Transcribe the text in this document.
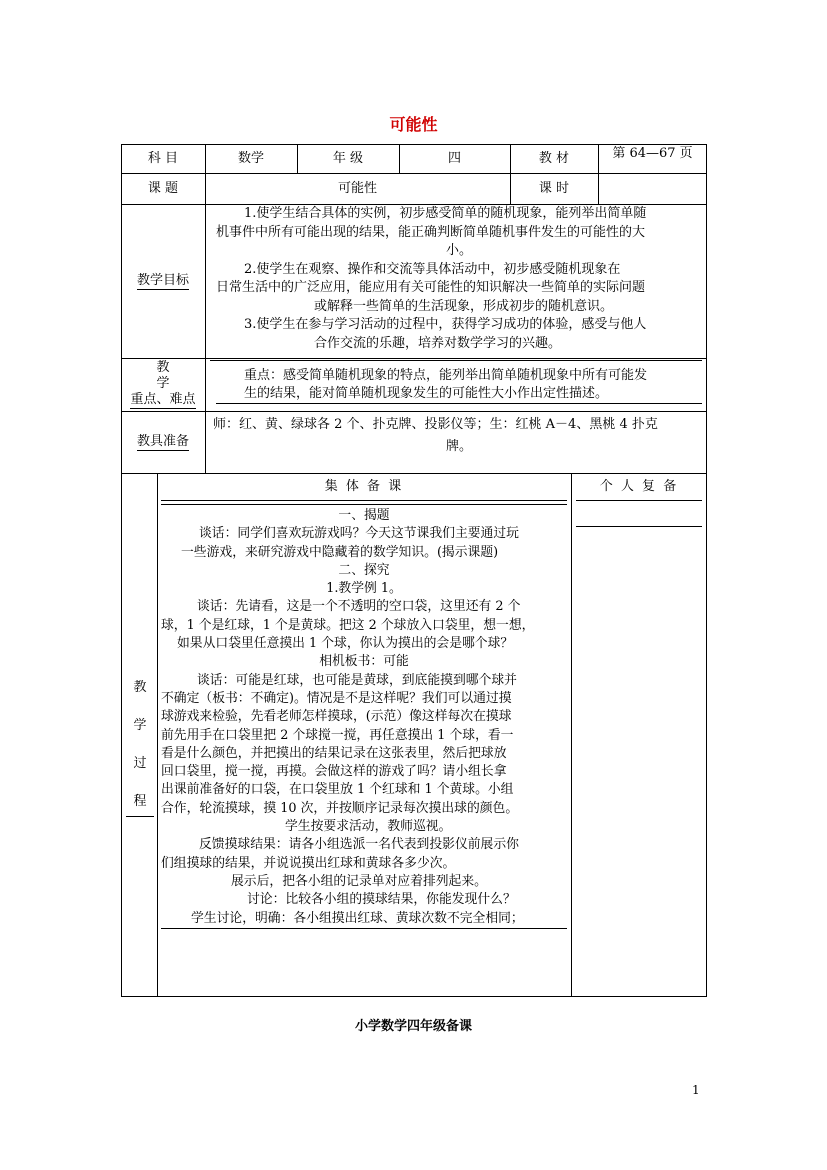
可能性
科 目	数学	年 级	四	教 材	第 64—67 页
课 题	可能性	课 时
教学目标

1.使学生结合具体的实例，初步感受简单的随机现象，能列举出简单随

机事件中所有可能出现的结果，能正确判断简单随机事件发生的可能性的大

小。

2.使学生在观察、操作和交流等具体活动中，初步感受随机现象在

日常生活中的广泛应用，能应用有关可能性的知识解决一些简单的实际问题

或解释一些简单的生活现象，形成初步的随机意识。

3.使学生在参与学习活动的过程中，获得学习成功的体验，感受与他人

合作交流的乐趣，培养对数学学习的兴趣。

教 学
重点、难点

重点：感受简单随机现象的特点，能列举出简单随机现象中所有可能发

生的结果，能对简单随机现象发生的可能性大小作出定性描述。

教具准备

师：红、黄、绿球各 2 个、扑克牌、投影仪等；生：红桃 A－4、黑桃 4 扑克

牌。

教
学
过
程
集 体 备 课	个 人 复 备

一、揭题

谈话：同学们喜欢玩游戏吗？今天这节课我们主要通过玩

一些游戏，来研究游戏中隐藏着的数学知识。(揭示课题)

二、探究

1.教学例 1。

谈话：先请看，这是一个不透明的空口袋，这里还有 2 个

球，1 个是红球，1 个是黄球。把这 2 个球放入口袋里，想一想，

如果从口袋里任意摸出 1 个球，你认为摸出的会是哪个球？

相机板书：可能

谈话：可能是红球，也可能是黄球，到底能摸到哪个球并

不确定（板书：不确定)。情况是不是这样呢？我们可以通过摸

球游戏来检验，先看老师怎样摸球，(示范）像这样每次在摸球

前先用手在口袋里把 2 个球搅一搅，再任意摸出 1 个球，看一

看是什么颜色，并把摸出的结果记录在这张表里，然后把球放

回口袋里，搅一搅，再摸。会做这样的游戏了吗？请小组长拿

出课前准备好的口袋，在口袋里放 1 个红球和 1 个黄球。小组

合作，轮流摸球，摸 10 次，并按顺序记录每次摸出球的颜色。

学生按要求活动，教师巡视。

反馈摸球结果：请各小组选派一名代表到投影仪前展示你

们组摸球的结果，并说说摸出红球和黄球各多少次。

展示后，把各小组的记录单对应着排列起来。

讨论：比较各小组的摸球结果，你能发现什么？

学生讨论，明确：各小组摸出红球、黄球次数不完全相同；

小学数学四年级备课
1
